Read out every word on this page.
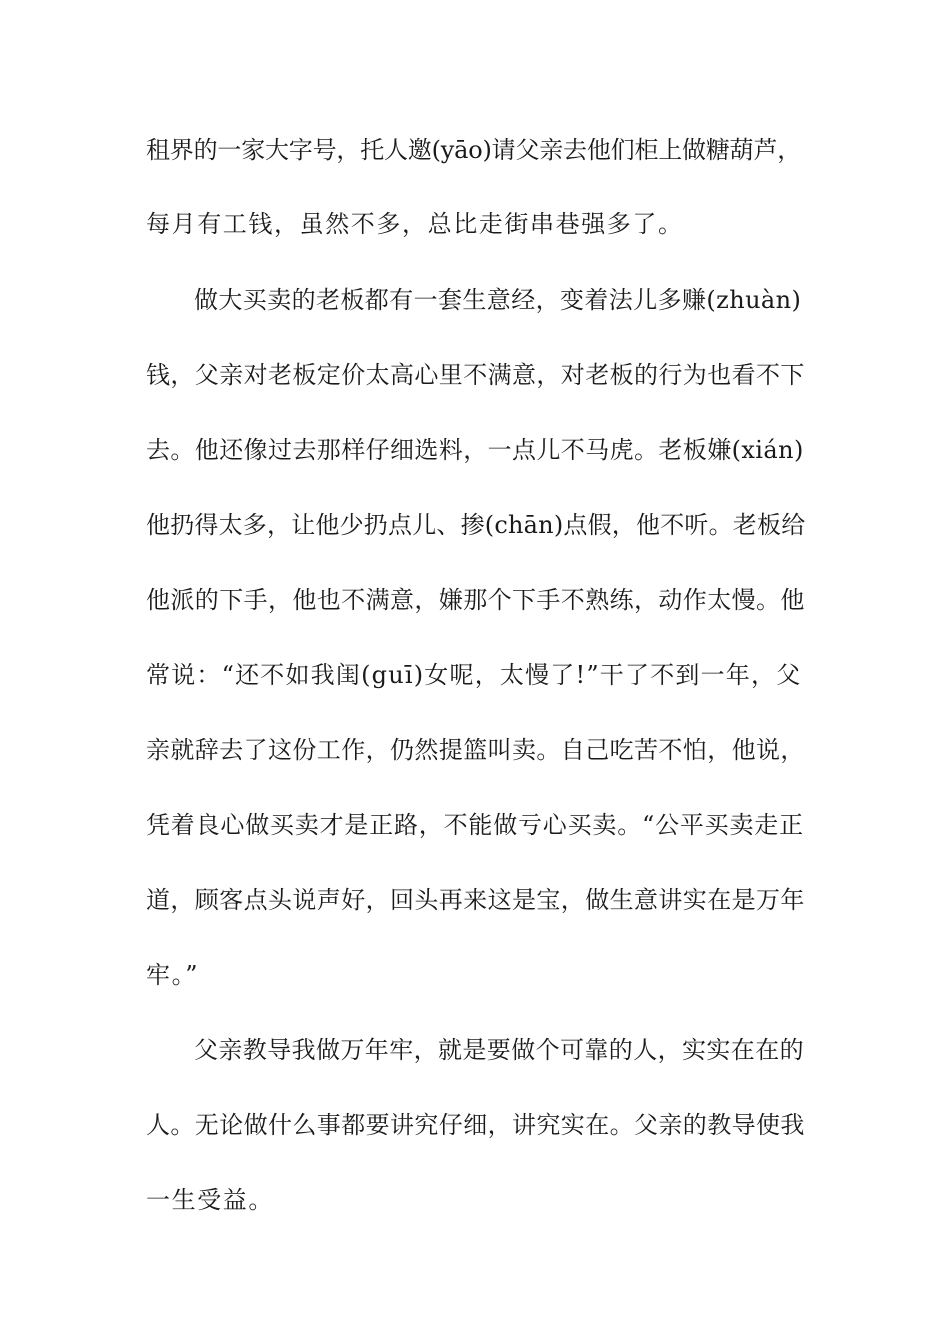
租界的一家大字号，托人邀(yāo)请父亲去他们柜上做糖葫芦，
每月有工钱，虽然不多，总比走街串巷强多了。
做大买卖的老板都有一套生意经，变着法儿多赚(zhuàn)
钱，父亲对老板定价太高心里不满意，对老板的行为也看不下
去。他还像过去那样仔细选料，一点儿不马虎。老板嫌(xián)
他扔得太多，让他少扔点儿、掺(chān)点假，他不听。老板给
他派的下手，他也不满意，嫌那个下手不熟练，动作太慢。他
常说：“还不如我闺(guī)女呢，太慢了!”干了不到一年，父
亲就辞去了这份工作，仍然提篮叫卖。自己吃苦不怕，他说，
凭着良心做买卖才是正路，不能做亏心买卖。“公平买卖走正
道，顾客点头说声好，回头再来这是宝，做生意讲实在是万年
牢。”
父亲教导我做万年牢，就是要做个可靠的人，实实在在的
人。无论做什么事都要讲究仔细，讲究实在。父亲的教导使我
一生受益。
